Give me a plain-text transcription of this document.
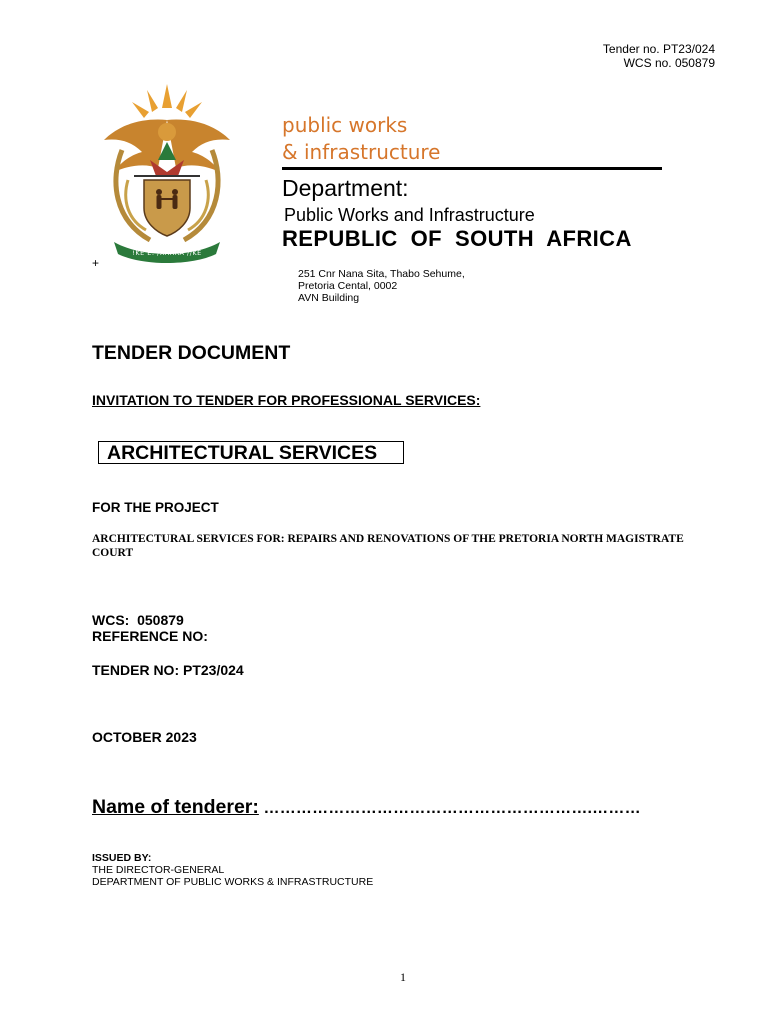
Tender no. PT23/024
WCS no. 050879
!KE E: /XARRA //KE
public works
& infrastructure
Department:
Public Works and Infrastructure
REPUBLIC  OF  SOUTH  AFRICA
+
251 Cnr Nana Sita, Thabo Sehume,
Pretoria Cental, 0002
AVN Building
TENDER DOCUMENT
INVITATION TO TENDER FOR PROFESSIONAL SERVICES:
ARCHITECTURAL SERVICES
FOR THE PROJECT
ARCHITECTURAL SERVICES FOR: REPAIRS AND RENOVATIONS OF THE PRETORIA NORTH MAGISTRATE COURT
WCS:  050879
REFERENCE NO:
TENDER NO: PT23/024
OCTOBER 2023
Name of tenderer: …………………………………………………….………
ISSUED BY:
THE DIRECTOR-GENERAL
DEPARTMENT OF PUBLIC WORKS & INFRASTRUCTURE
1
